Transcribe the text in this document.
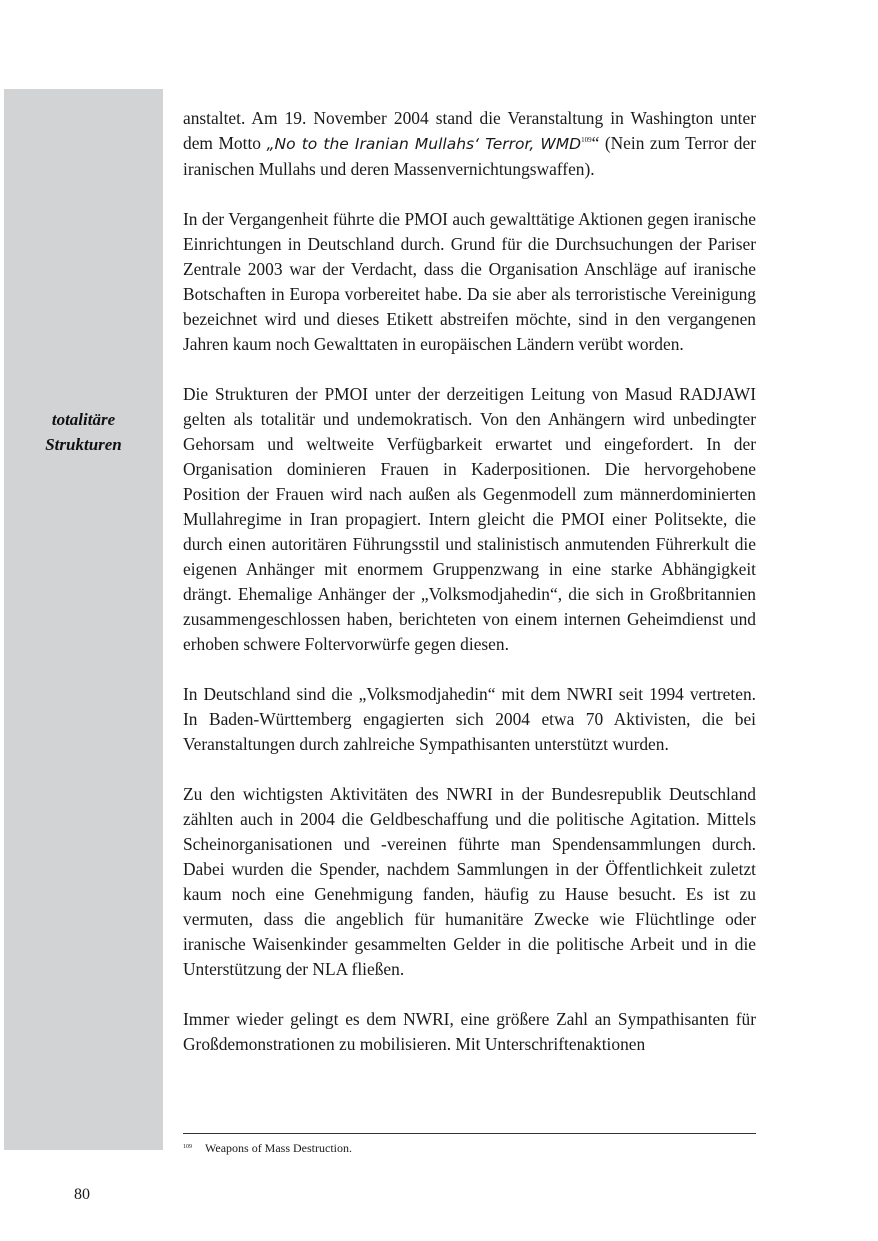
totalitäre
Strukturen

anstaltet. Am 19. November 2004 stand die Veranstaltung in Washington unter dem Motto „No to the Iranian Mullahs‘ Terror, WMD$^{109}$“ (Nein zum Terror der iranischen Mullahs und deren Massenvernichtungswaffen).

In der Vergangenheit führte die PMOI auch gewalttätige Aktionen gegen iranische Einrichtungen in Deutschland durch. Grund für die Durchsuchungen der Pariser Zentrale 2003 war der Verdacht, dass die Organisation Anschläge auf iranische Botschaften in Europa vorbereitet habe. Da sie aber als terroristische Vereinigung bezeichnet wird und dieses Etikett abstreifen möchte, sind in den vergangenen Jahren kaum noch Gewalttaten in europäischen Ländern verübt worden.

Die Strukturen der PMOI unter der derzeitigen Leitung von Masud RADJAWI gelten als totalitär und undemokratisch. Von den Anhängern wird unbedingter Gehorsam und weltweite Verfügbarkeit erwartet und eingefordert. In der Organisation dominieren Frauen in Kaderpositionen. Die hervorgehobene Position der Frauen wird nach außen als Gegenmodell zum männerdominierten Mullahregime in Iran propagiert. Intern gleicht die PMOI einer Politsekte, die durch einen autoritären Führungsstil und stalinistisch anmutenden Führerkult die eigenen Anhänger mit enormem Gruppenzwang in eine starke Abhängigkeit drängt. Ehemalige Anhänger der „Volksmodjahedin“, die sich in Großbritannien zusammengeschlossen haben, berichteten von einem internen Geheimdienst und erhoben schwere Foltervorwürfe gegen diesen.

In Deutschland sind die „Volksmodjahedin“ mit dem NWRI seit 1994 vertreten. In Baden-Württemberg engagierten sich 2004 etwa 70 Aktivisten, die bei Veranstaltungen durch zahlreiche Sympathisanten unterstützt wurden.

Zu den wichtigsten Aktivitäten des NWRI in der Bundesrepublik Deutschland zählten auch in 2004 die Geldbeschaffung und die politische Agitation. Mittels Scheinorganisationen und -vereinen führte man Spendensammlungen durch. Dabei wurden die Spender, nachdem Sammlungen in der Öffentlichkeit zuletzt kaum noch eine Genehmigung fanden, häufig zu Hause besucht. Es ist zu vermuten, dass die angeblich für humanitäre Zwecke wie Flüchtlinge oder iranische Waisenkinder gesammelten Gelder in die politische Arbeit und in die Unterstützung der NLA fließen.

Immer wieder gelingt es dem NWRI, eine größere Zahl an Sympathisanten für Großdemonstrationen zu mobilisieren. Mit Unterschriftenaktionen

109 Weapons of Mass Destruction.
80
